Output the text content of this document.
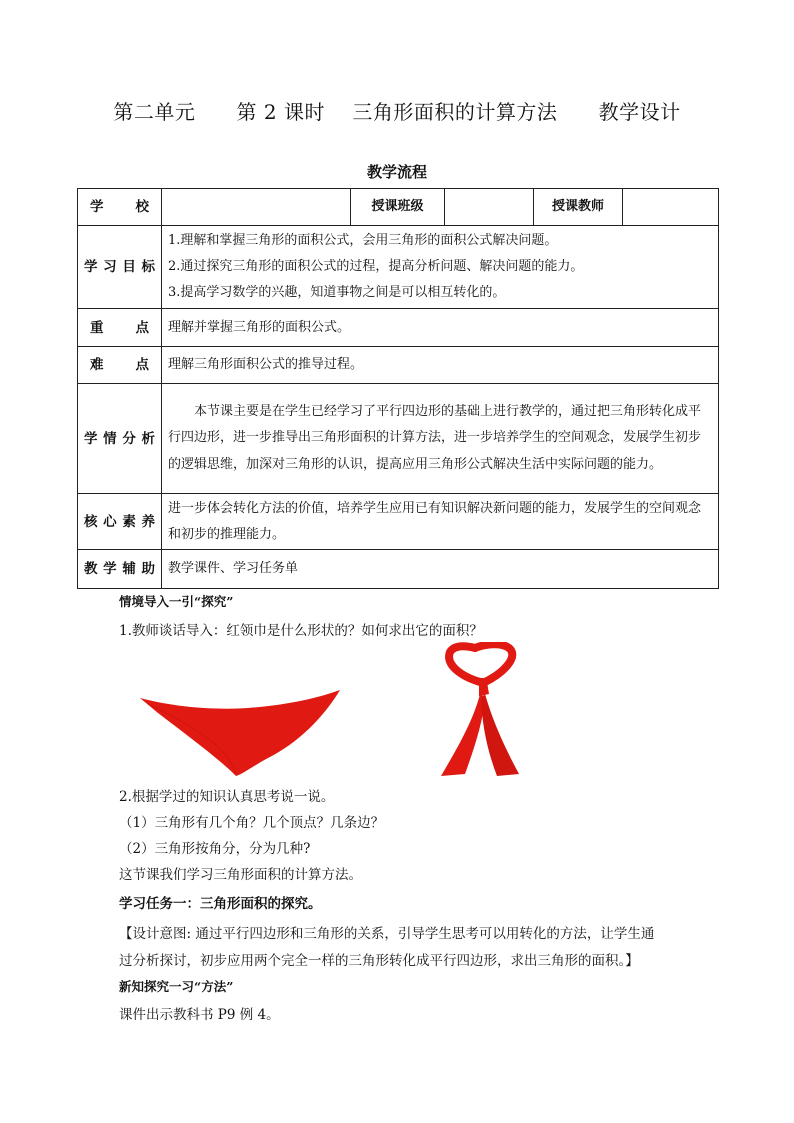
第二单元      第 2 课时    三角形面积的计算方法      教学设计
教学流程
学 校		授课班级		授课教师	
学习目标	1.理解和掌握三角形的面积公式，会用三角形的面积公式解决问题。
2.通过探究三角形的面积公式的过程，提高分析问题、解决问题的能力。
3.提高学习数学的兴趣，知道事物之间是可以相互转化的。				

重 点	理解并掌握三角形的面积公式。				
难 点	理解三角形面积公式的推导过程。				
学情分析	本节课主要是在学生已经学习了平行四边形的基础上进行教学的，通过把三角形转化成平行四边形，进一步推导出三角形面积的计算方法，进一步培养学生的空间观念，发展学生初步的逻辑思维，加深对三角形的认识，提高应用三角形公式解决生活中实际问题的能力。				

核心素养	进一步体会转化方法的价值，培养学生应用已有知识解决新问题的能力，发展学生的空间观念和初步的推理能力。				

教学辅助	教学课件、学习任务单				
情境导入一引“探究”
1.教师谈话导入：红领巾是什么形状的？如何求出它的面积？
2.根据学过的知识认真思考说一说。
（1）三角形有几个角？几个顶点？几条边？
（2）三角形按角分，分为几种?
这节课我们学习三角形面积的计算方法。
学习任务一：三角形面积的探究。
【设计意图: 通过平行四边形和三角形的关系，引导学生思考可以用转化的方法，让学生通
过分析探讨，初步应用两个完全一样的三角形转化成平行四边形，求出三角形的面积。】
新知探究一习“方法”
课件出示教科书 P9 例 4。
